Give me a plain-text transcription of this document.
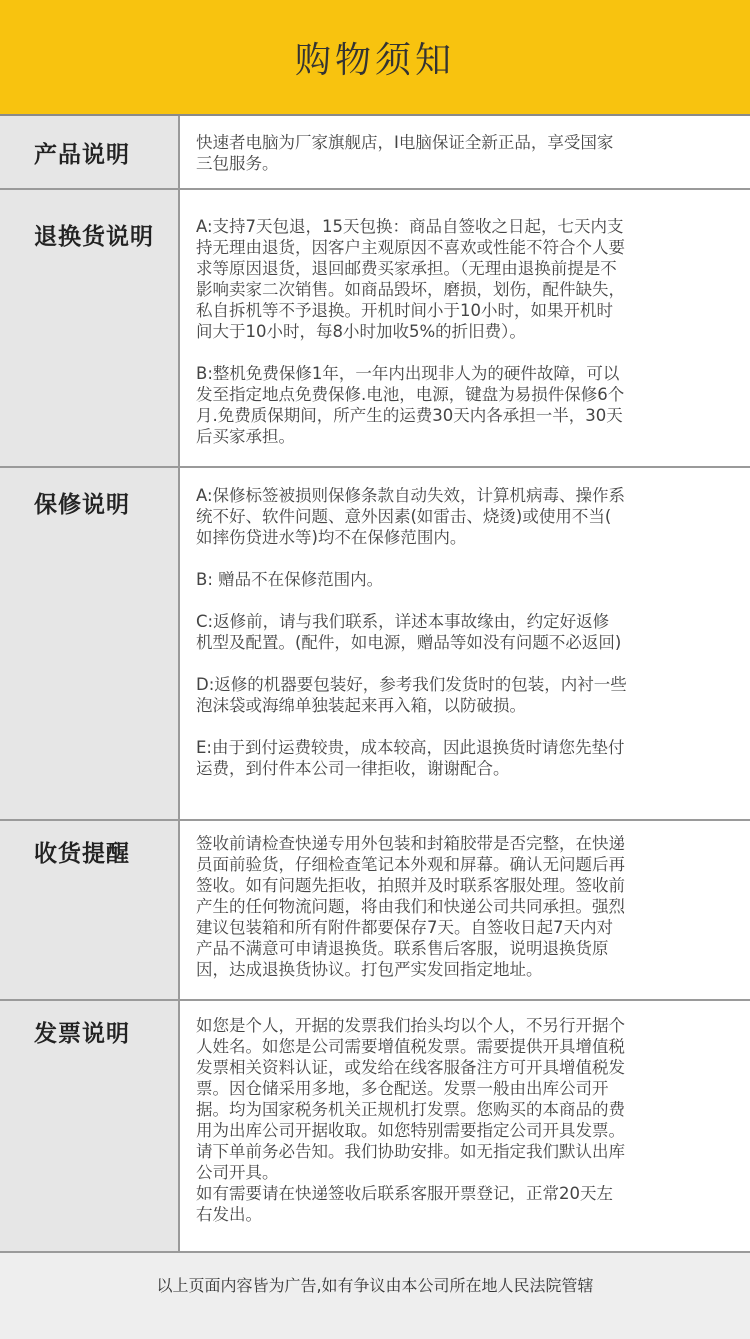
购物须知
产品说明	快速者电脑为厂家旗舰店，I电脑保证全新正品，享受国家
三包服务。

退换货说明	A:支持7天包退，15天包换：商品自签收之日起，七天内支
持无理由退货，因客户主观原因不喜欢或性能不符合个人要
求等原因退货，退回邮费买家承担。（无理由退换前提是不
影响卖家二次销售。如商品毁坏，磨损，划伤，配件缺失，
私自拆机等不予退换。开机时间小于10小时，如果开机时
间大于10小时，每8小时加收5%的折旧费）。

B:整机免费保修1年，一年内出现非人为的硬件故障，可以
发至指定地点免费保修.电池，电源，键盘为易损件保修6个
月.免费质保期间，所产生的运费30天内各承担一半，30天
后买家承担。

保修说明	A:保修标签被损则保修条款自动失效，计算机病毒、操作系
统不好、软件问题、意外因素(如雷击、烧烫)或使用不当(
如摔伤贷进水等)均不在保修范围内。

B: 赠品不在保修范围内。

C:返修前，请与我们联系，详述本事故缘由，约定好返修
机型及配置。(配件，如电源，赠品等如没有问题不必返回)

D:返修的机器要包装好，参考我们发货时的包装，内衬一些
泡沫袋或海绵单独装起来再入箱，以防破损。

E:由于到付运费较贵，成本较高，因此退换货时请您先垫付
运费，到付件本公司一律拒收，谢谢配合。

收货提醒	签收前请检查快递专用外包装和封箱胶带是否完整，在快递
员面前验货，仔细检查笔记本外观和屏幕。确认无问题后再
签收。如有问题先拒收，拍照并及时联系客服处理。签收前
产生的任何物流问题，将由我们和快递公司共同承担。强烈
建议包装箱和所有附件都要保存7天。自签收日起7天内对
产品不满意可申请退换货。联系售后客服，说明退换货原
因，达成退换货协议。打包严实发回指定地址。

发票说明	如您是个人，开据的发票我们抬头均以个人，不另行开据个
人姓名。如您是公司需要增值税发票。需要提供开具增值税
发票相关资料认证，或发给在线客服备注方可开具增值税发
票。因仓储采用多地，多仓配送。发票一般由出库公司开
据。均为国家税务机关正规机打发票。您购买的本商品的费
用为出库公司开据收取。如您特别需要指定公司开具发票。
请下单前务必告知。我们协助安排。如无指定我们默认出库
公司开具。
如有需要请在快递签收后联系客服开票登记，正常20天左
右发出。

以上页面内容皆为广告,如有争议由本公司所在地人民法院管辖
